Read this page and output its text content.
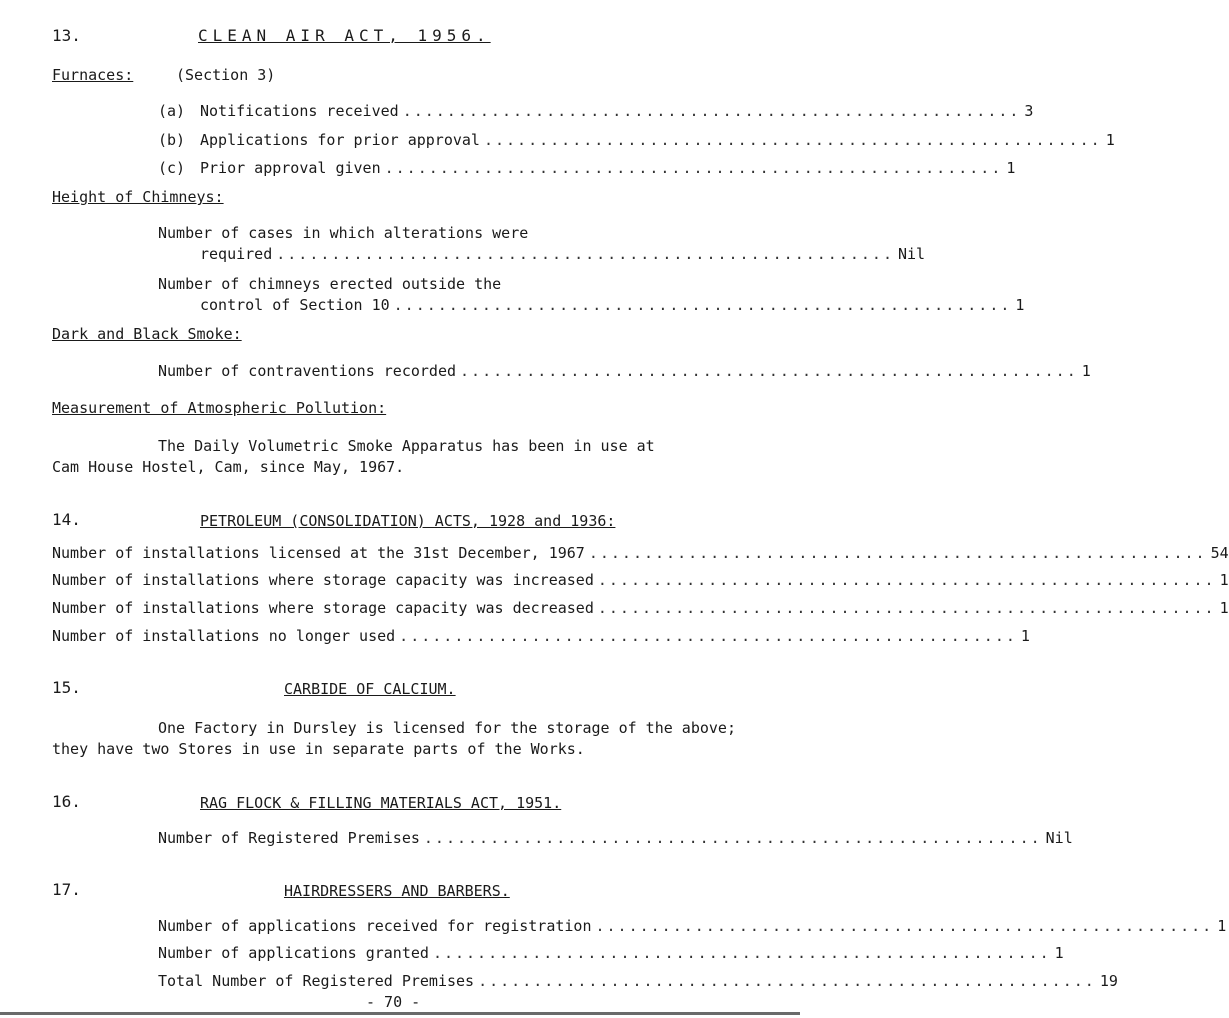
13.	CLEAN AIR ACT, 1956.
Furnaces:	(Section 3)
(a) Notifications received ........................................................ 3
(b) Applications for prior approval ........................................................ 1
(c) Prior approval given ........................................................ 1
Height of Chimneys:
Number of cases in which alterations were
required ........................................................ Nil
Number of chimneys erected outside the
control of Section 10 ........................................................ 1
Dark and Black Smoke:
Number of contraventions recorded ........................................................ 1
Measurement of Atmospheric Pollution:
The Daily Volumetric Smoke Apparatus has been in use at
Cam House Hostel, Cam, since May, 1967.
14.	PETROLEUM (CONSOLIDATION) ACTS, 1928 and 1936:
Number of installations licensed at the 31st December, 1967 ........................................................ 54
Number of installations where storage capacity was increased ........................................................ 1
Number of installations where storage capacity was decreased ........................................................ 1
Number of installations no longer used ........................................................ 1
15.	CARBIDE OF CALCIUM.
One Factory in Dursley is licensed for the storage of the above;
they have two Stores in use in separate parts of the Works.
16.	RAG FLOCK & FILLING MATERIALS ACT, 1951.
Number of Registered Premises ........................................................ Nil
17.	HAIRDRESSERS AND BARBERS.
Number of applications received for registration ........................................................ 1
Number of applications granted ........................................................ 1
Total Number of Registered Premises ........................................................ 19
- 70 -
